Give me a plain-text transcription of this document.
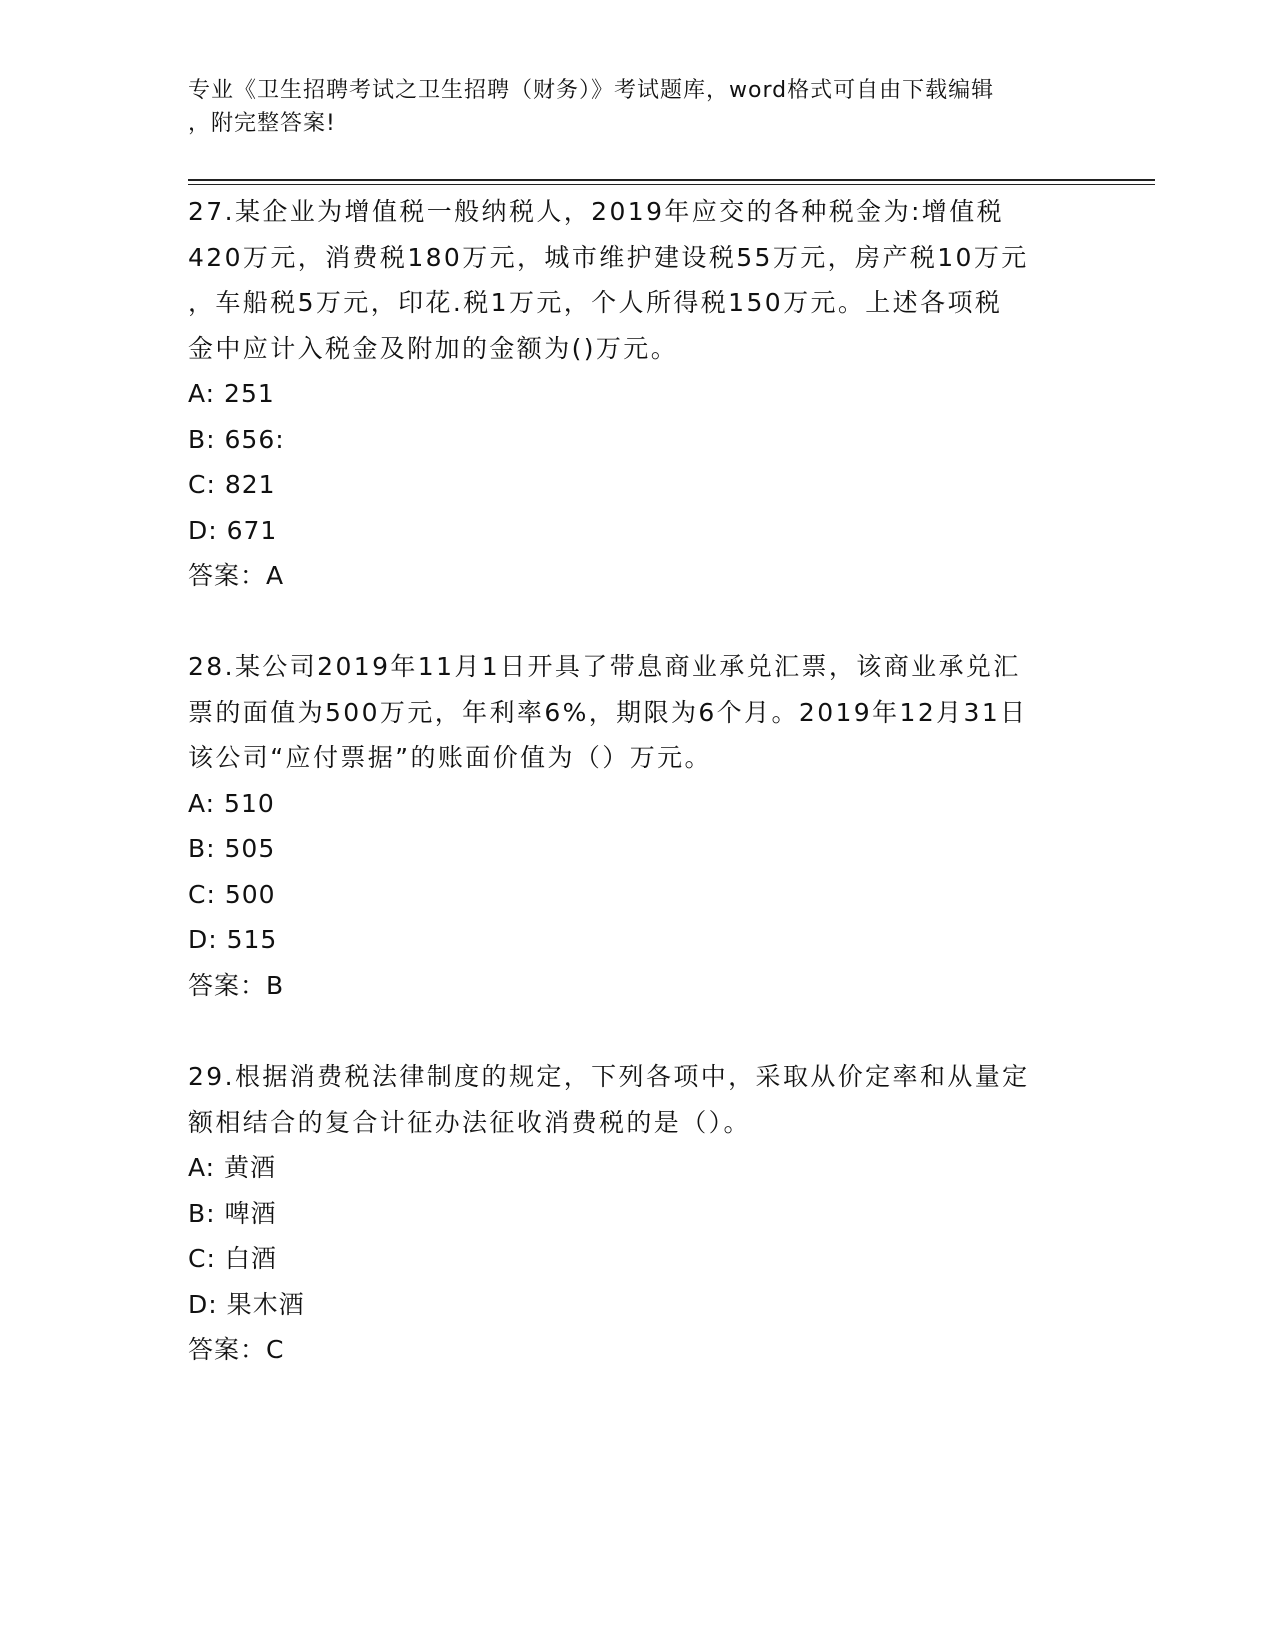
专业《卫生招聘考试之卫生招聘（财务）》考试题库，word格式可自由下载编辑
，附完整答案!

27.某企业为增值税一般纳税人，2019年应交的各种税金为:增值税

420万元，消费税180万元，城市维护建设税55万元，房产税10万元

，车船税5万元，印花.税1万元，个人所得税150万元。上述各项税

金中应计入税金及附加的金额为()万元。

A: 251

B: 656:

C: 821

D: 671

答案：A

28.某公司2019年11月1日开具了带息商业承兑汇票，该商业承兑汇

票的面值为500万元，年利率6%，期限为6个月。2019年12月31日

该公司“应付票据”的账面价值为（）万元。

A: 510

B: 505

C: 500

D: 515

答案：B

29.根据消费税法律制度的规定，下列各项中，采取从价定率和从量定

额相结合的复合计征办法征收消费税的是（）。

A: 黄酒

B: 啤酒

C: 白酒

D: 果木酒

答案：C
